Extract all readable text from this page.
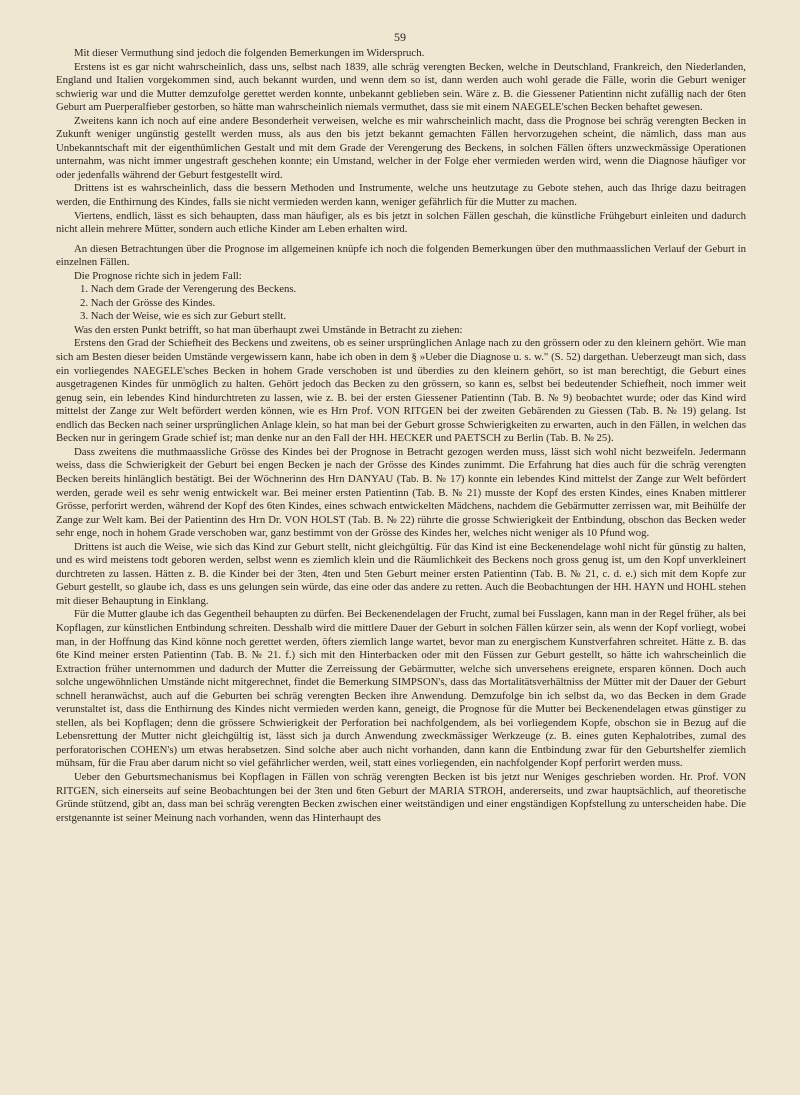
59

Mit dieser Vermuthung sind jedoch die folgenden Bemerkungen im Widerspruch.

Erstens ist es gar nicht wahrscheinlich, dass uns, selbst nach 1839, alle schräg verengten Becken, welche in Deutschland, Frankreich, den Niederlanden, England und Italien vorgekommen sind, auch bekannt wurden, und wenn dem so ist, dann werden auch wohl gerade die Fälle, worin die Geburt weniger schwierig war und die Mutter demzufolge gerettet werden konnte, unbekannt geblieben sein. Wäre z. B. die Giessener Patientinn nicht zufällig nach der 6ten Geburt am Puerperalfieber gestorben, so hätte man wahrscheinlich niemals vermuthet, dass sie mit einem NAEGELE'schen Becken behaftet gewesen.

Zweitens kann ich noch auf eine andere Besonderheit verweisen, welche es mir wahrscheinlich macht, dass die Prognose bei schräg verengten Becken in Zukunft weniger ungünstig gestellt werden muss, als aus den bis jetzt bekannt gemachten Fällen hervorzugehen scheint, die nämlich, dass man aus Unbekanntschaft mit der eigenthümlichen Gestalt und mit dem Grade der Verengerung des Beckens, in solchen Fällen öfters unzweckmässige Operationen unternahm, was nicht immer ungestraft geschehen konnte; ein Umstand, welcher in der Folge eher vermieden werden wird, wenn die Diagnose häufiger vor oder jedenfalls während der Geburt festgestellt wird.

Drittens ist es wahrscheinlich, dass die bessern Methoden und Instrumente, welche uns heutzutage zu Gebote stehen, auch das Ihrige dazu beitragen werden, die Enthirnung des Kindes, falls sie nicht vermieden werden kann, weniger gefährlich für die Mutter zu machen.

Viertens, endlich, lässt es sich behaupten, dass man häufiger, als es bis jetzt in solchen Fällen geschah, die künstliche Frühgeburt einleiten und dadurch nicht allein mehrere Mütter, sondern auch etliche Kinder am Leben erhalten wird.

An diesen Betrachtungen über die Prognose im allgemeinen knüpfe ich noch die folgenden Bemerkungen über den muthmaasslichen Verlauf der Geburt in einzelnen Fällen.

Die Prognose richte sich in jedem Fall:

1. Nach dem Grade der Verengerung des Beckens.

2. Nach der Grösse des Kindes.

3. Nach der Weise, wie es sich zur Geburt stellt.

Was den ersten Punkt betrifft, so hat man überhaupt zwei Umstände in Betracht zu ziehen:

Erstens den Grad der Schiefheit des Beckens und zweitens, ob es seiner ursprünglichen Anlage nach zu den grössern oder zu den kleinern gehört. Wie man sich am Besten dieser beiden Umstände vergewissern kann, habe ich oben in dem § »Ueber die Diagnose u. s. w." (S. 52) dargethan. Ueberzeugt man sich, dass ein vorliegendes NAEGELE'sches Becken in hohem Grade verschoben ist und überdies zu den kleinern gehört, so ist man berechtigt, die Geburt eines ausgetragenen Kindes für unmöglich zu halten. Gehört jedoch das Becken zu den grössern, so kann es, selbst bei bedeutender Schiefheit, noch immer weit genug sein, ein lebendes Kind hindurchtreten zu lassen, wie z. B. bei der ersten Giessener Patientinn (Tab. B. № 9) beobachtet wurde; oder das Kind wird mittelst der Zange zur Welt befördert werden können, wie es Hrn Prof. VON RITGEN bei der zweiten Gebärenden zu Giessen (Tab. B. № 19) gelang. Ist endlich das Becken nach seiner ursprünglichen Anlage klein, so hat man bei der Geburt grosse Schwierigkeiten zu erwarten, auch in den Fällen, in welchen das Becken nur in geringem Grade schief ist; man denke nur an den Fall der HH. HECKER und PAETSCH zu Berlin (Tab. B. № 25).

Dass zweitens die muthmaassliche Grösse des Kindes bei der Prognose in Betracht gezogen werden muss, lässt sich wohl nicht bezweifeln. Jedermann weiss, dass die Schwierigkeit der Geburt bei engen Becken je nach der Grösse des Kindes zunimmt. Die Erfahrung hat dies auch für die schräg verengten Becken bereits hinlänglich bestätigt. Bei der Wöchnerinn des Hrn DANYAU (Tab. B. № 17) konnte ein lebendes Kind mittelst der Zange zur Welt befördert werden, gerade weil es sehr wenig entwickelt war. Bei meiner ersten Patientinn (Tab. B. № 21) musste der Kopf des ersten Kindes, eines Knaben mittlerer Grösse, perforirt werden, während der Kopf des 6ten Kindes, eines schwach entwickelten Mädchens, nachdem die Gebärmutter zerrissen war, mit Beihülfe der Zange zur Welt kam. Bei der Patientinn des Hrn Dr. VON HOLST (Tab. B. № 22) rührte die grosse Schwierigkeit der Entbindung, obschon das Becken weder sehr enge, noch in hohem Grade verschoben war, ganz bestimmt von der Grösse des Kindes her, welches nicht weniger als 10 Pfund wog.

Drittens ist auch die Weise, wie sich das Kind zur Geburt stellt, nicht gleichgültig. Für das Kind ist eine Beckenendelage wohl nicht für günstig zu halten, und es wird meistens todt geboren werden, selbst wenn es ziemlich klein und die Räumlichkeit des Beckens noch gross genug ist, um den Kopf unverkleinert durchtreten zu lassen. Hätten z. B. die Kinder bei der 3ten, 4ten und 5ten Geburt meiner ersten Patientinn (Tab. B. № 21, c. d. e.) sich mit dem Kopfe zur Geburt gestellt, so glaube ich, dass es uns gelungen sein würde, das eine oder das andere zu retten. Auch die Beobachtungen der HH. HAYN und HOHL stehen mit dieser Behauptung in Einklang.

Für die Mutter glaube ich das Gegentheil behaupten zu dürfen. Bei Beckenendelagen der Frucht, zumal bei Fusslagen, kann man in der Regel früher, als bei Kopflagen, zur künstlichen Entbindung schreiten. Desshalb wird die mittlere Dauer der Geburt in solchen Fällen kürzer sein, als wenn der Kopf vorliegt, wobei man, in der Hoffnung das Kind könne noch gerettet werden, öfters ziemlich lange wartet, bevor man zu energischem Kunstverfahren schreitet. Hätte z. B. das 6te Kind meiner ersten Patientinn (Tab. B. № 21. f.) sich mit den Hinterbacken oder mit den Füssen zur Geburt gestellt, so hätte ich wahrscheinlich die Extraction früher unternommen und dadurch der Mutter die Zerreissung der Gebärmutter, welche sich unversehens ereignete, ersparen können. Doch auch solche ungewöhnlichen Umstände nicht mitgerechnet, findet die Bemerkung SIMPSON's, dass das Mortalitätsverhältniss der Mütter mit der Dauer der Geburt schnell heranwächst, auch auf die Geburten bei schräg verengten Becken ihre Anwendung. Demzufolge bin ich selbst da, wo das Becken in dem Grade verunstaltet ist, dass die Enthirnung des Kindes nicht vermieden werden kann, geneigt, die Prognose für die Mutter bei Beckenendelagen etwas günstiger zu stellen, als bei Kopflagen; denn die grössere Schwierigkeit der Perforation bei nachfolgendem, als bei vorliegendem Kopfe, obschon sie in Bezug auf die Lebensrettung der Mutter nicht gleichgültig ist, lässt sich ja durch Anwendung zweckmässiger Werkzeuge (z. B. eines guten Kephalotribes, zumal des perforatorischen COHEN's) um etwas herabsetzen. Sind solche aber auch nicht vorhanden, dann kann die Entbindung zwar für den Geburtshelfer ziemlich mühsam, für die Frau aber darum nicht so viel gefährlicher werden, weil, statt eines vorliegenden, ein nachfolgender Kopf perforirt werden muss.

Ueber den Geburtsmechanismus bei Kopflagen in Fällen von schräg verengten Becken ist bis jetzt nur Weniges geschrieben worden. Hr. Prof. VON RITGEN, sich einerseits auf seine Beobachtungen bei der 3ten und 6ten Geburt der MARIA STROH, andererseits, und zwar hauptsächlich, auf theoretische Gründe stützend, gibt an, dass man bei schräg verengten Becken zwischen einer weitständigen und einer engständigen Kopfstellung zu unterscheiden habe. Die erstgenannte ist seiner Meinung nach vorhanden, wenn das Hinterhaupt des
